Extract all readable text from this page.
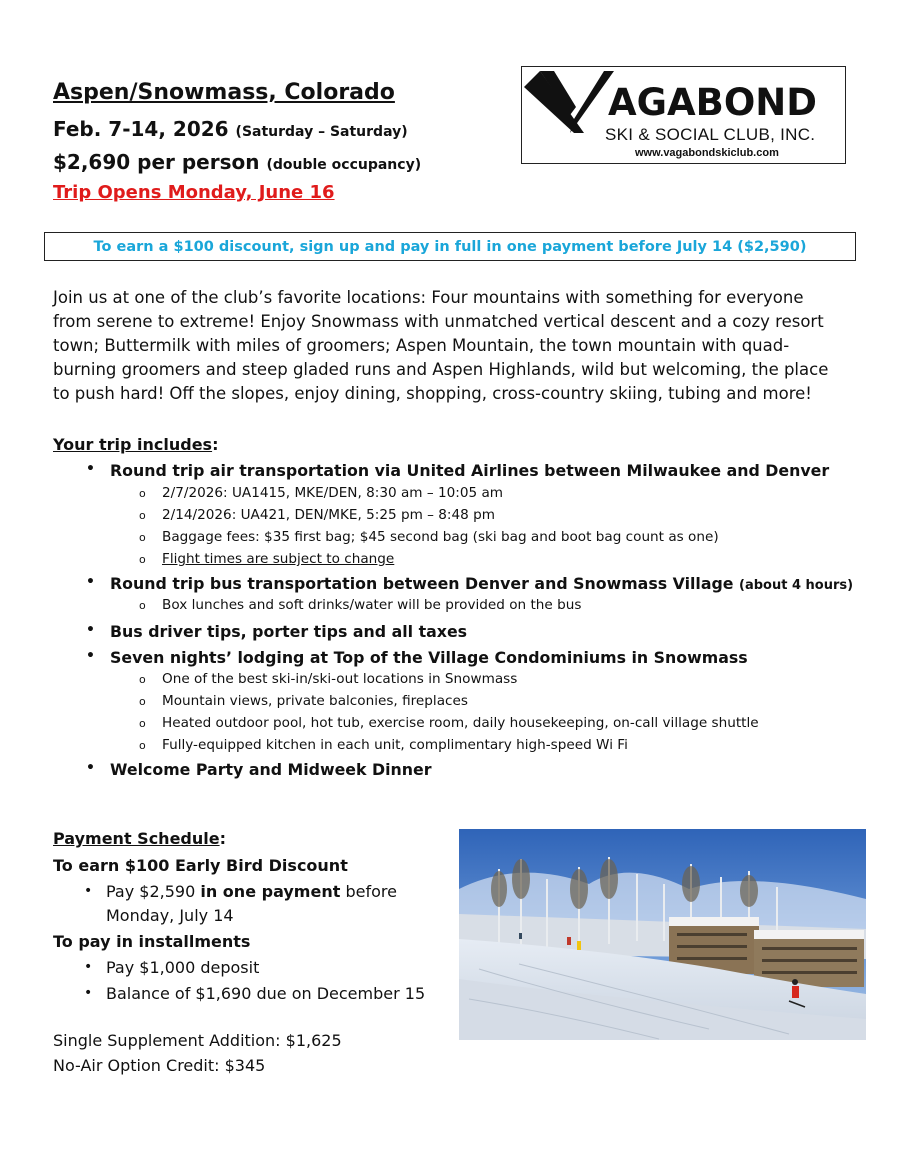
Aspen/Snowmass, Colorado
Feb. 7-14, 2026 (Saturday – Saturday)
$2,690 per person (double occupancy)
Trip Opens Monday, June 16
AGABOND
SKI & SOCIAL CLUB, INC.
www.vagabondskiclub.com
To earn a $100 discount, sign up and pay in full in one payment before July 14 ($2,590)
Join us at one of the club’s favorite locations: Four mountains with something for everyone
from serene to extreme! Enjoy Snowmass with unmatched vertical descent and a cozy resort
town; Buttermilk with miles of groomers; Aspen Mountain, the town mountain with quad-
burning groomers and steep gladed runs and Aspen Highlands, wild but welcoming, the place
to push hard! Off the slopes, enjoy dining, shopping, cross-country skiing, tubing and more!
Your trip includes:
• Round trip air transportation via United Airlines between Milwaukee and Denver
o 2/7/2026: UA1415, MKE/DEN, 8:30 am – 10:05 am
o 2/14/2026: UA421, DEN/MKE, 5:25 pm – 8:48 pm
o Baggage fees: $35 first bag; $45 second bag (ski bag and boot bag count as one)
o Flight times are subject to change
• Round trip bus transportation between Denver and Snowmass Village (about 4 hours)
o Box lunches and soft drinks/water will be provided on the bus
• Bus driver tips, porter tips and all taxes
• Seven nights’ lodging at Top of the Village Condominiums in Snowmass
o One of the best ski-in/ski-out locations in Snowmass
o Mountain views, private balconies, fireplaces
o Heated outdoor pool, hot tub, exercise room, daily housekeeping, on-call village shuttle
o Fully-equipped kitchen in each unit, complimentary high-speed Wi Fi
• Welcome Party and Midweek Dinner
Payment Schedule:
To earn $100 Early Bird Discount
• Pay $2,590 in one payment before
Monday, July 14
To pay in installments
• Pay $1,000 deposit
• Balance of $1,690 due on December 15
Single Supplement Addition: $1,625
No-Air Option Credit: $345
